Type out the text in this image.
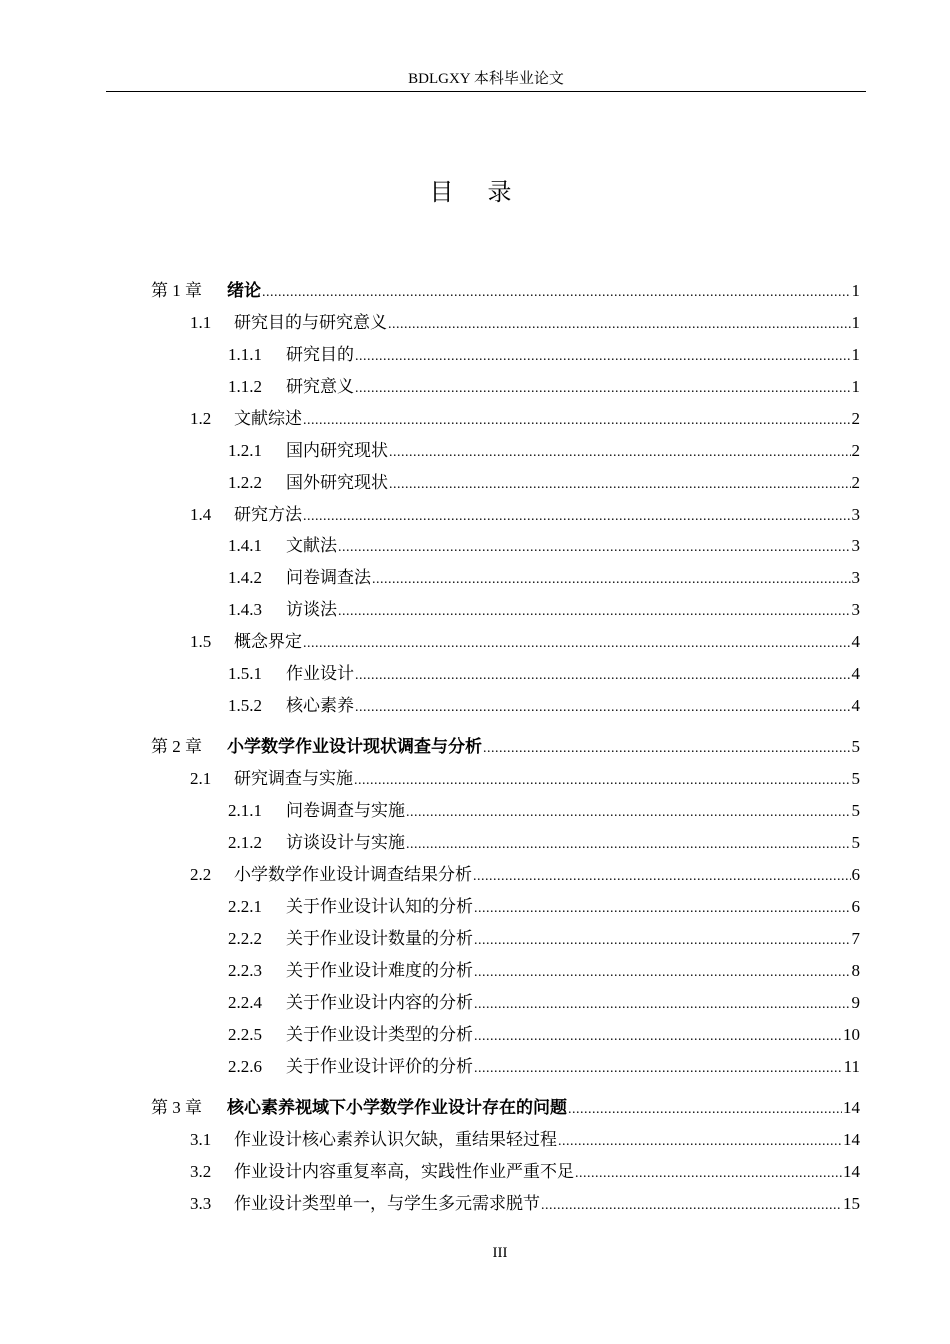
BDLGXY 本科毕业论文
目录
第 1 章	绪论 .....	1
1.1	研究目的与研究意义 .....	1
1.1.1	研究目的 .....	1
1.1.2	研究意义 .....	1
1.2	文献综述 .....	2
1.2.1	国内研究现状 .....	2
1.2.2	国外研究现状 .....	2
1.4	研究方法 .....	3
1.4.1	文献法 .....	3
1.4.2	问卷调查法 .....	3
1.4.3	访谈法 .....	3
1.5	概念界定 .....	4
1.5.1	作业设计 .....	4
1.5.2	核心素养 .....	4
第 2 章	小学数学作业设计现状调查与分析 .....	5
2.1	研究调查与实施 .....	5
2.1.1	问卷调查与实施 .....	5
2.1.2	访谈设计与实施 .....	5
2.2	小学数学作业设计调查结果分析 .....	6
2.2.1	关于作业设计认知的分析 .....	6
2.2.2	关于作业设计数量的分析 .....	7
2.2.3	关于作业设计难度的分析 .....	8
2.2.4	关于作业设计内容的分析 .....	9
2.2.5	关于作业设计类型的分析 .....	10
2.2.6	关于作业设计评价的分析 .....	11
第 3 章	核心素养视域下小学数学作业设计存在的问题 .....	14
3.1	作业设计核心素养认识欠缺，重结果轻过程 .....	14
3.2	作业设计内容重复率高，实践性作业严重不足 .....	14
3.3	作业设计类型单一，与学生多元需求脱节 .....	15
III
